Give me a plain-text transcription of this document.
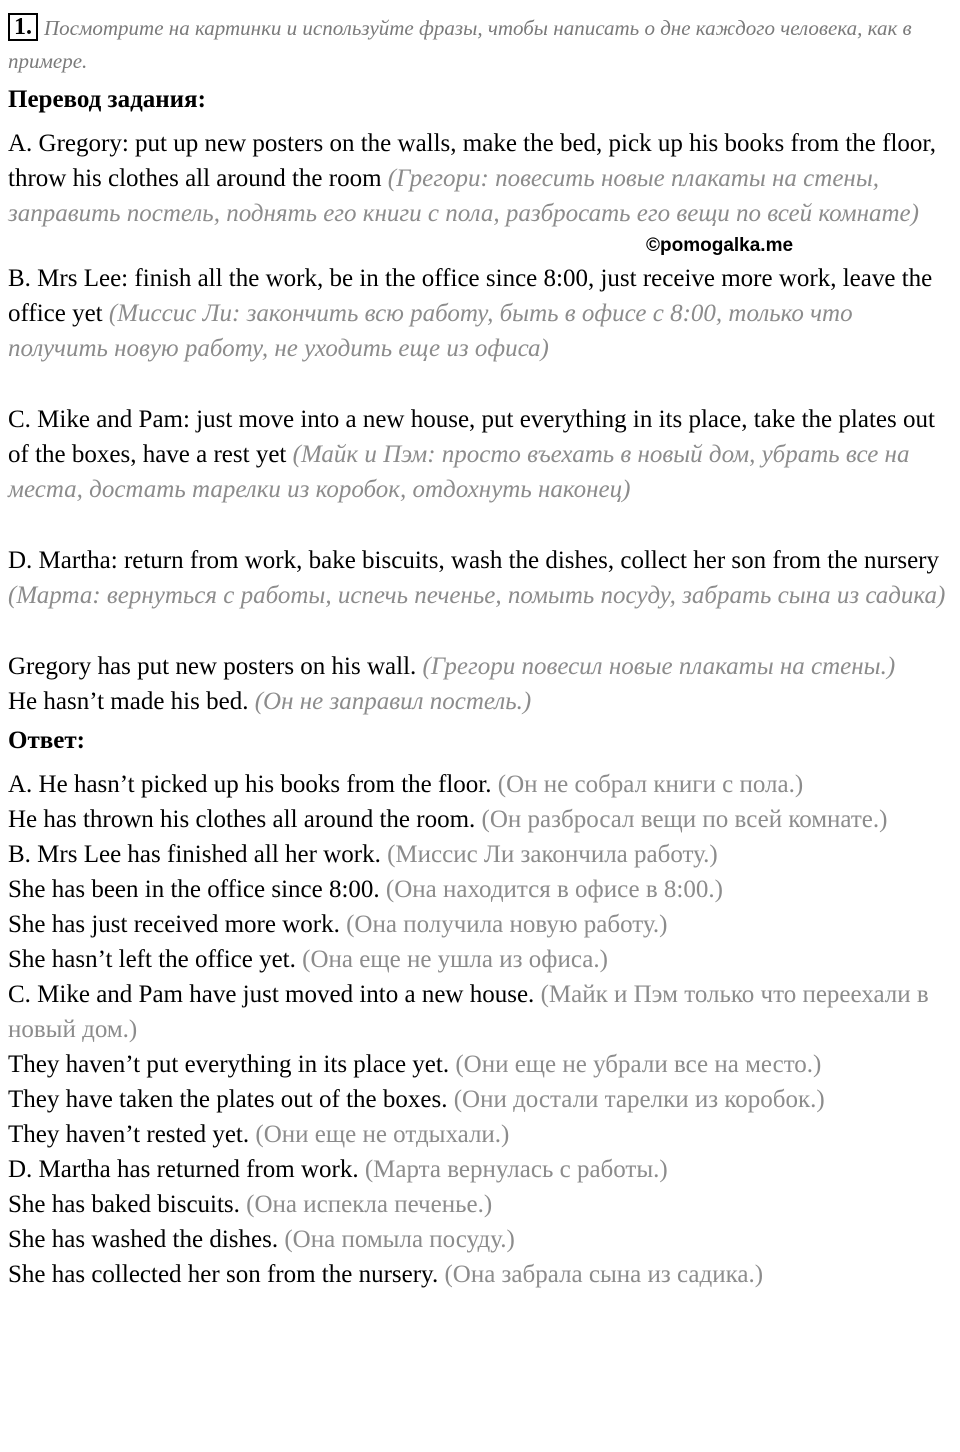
1. Посмотрите на картинки и используйте фразы, чтобы написать о дне каждого человека, как в примере.
Перевод задания:
A. Gregory: put up new posters on the walls, make the bed, pick up his books from the floor, throw his clothes all around the room (Грегори: повесить новые плакаты на стены, заправить постель, поднять его книги с пола, разбросать его вещи по всей комнате)
©pomogalka.me
B. Mrs Lee: finish all the work, be in the office since 8:00, just receive more work, leave the office yet (Миссис Ли: закончить всю работу, быть в офисе с 8:00, только что получить новую работу, не уходить еще из офиса)
C. Mike and Pam: just move into a new house, put everything in its place, take the plates out of the boxes, have a rest yet (Майк и Пэм: просто въехать в новый дом, убрать все на места, достать тарелки из коробок, отдохнуть наконец)
D. Martha: return from work, bake biscuits, wash the dishes, collect her son from the nursery (Марта: вернуться с работы, испечь печенье, помыть посуду, забрать сына из садика)
Gregory has put new posters on his wall. (Грегори повесил новые плакаты на стены.)
He hasn’t made his bed. (Он не заправил постель.)
Ответ:
A. He hasn’t picked up his books from the floor. (Он не собрал книги с пола.)
He has thrown his clothes all around the room. (Он разбросал вещи по всей комнате.)
B. Mrs Lee has finished all her work. (Миссис Ли закончила работу.)
She has been in the office since 8:00. (Она находится в офисе в 8:00.)
She has just received more work. (Она получила новую работу.)
She hasn’t left the office yet. (Она еще не ушла из офиса.)
C. Mike and Pam have just moved into a new house. (Майк и Пэм только что переехали в новый дом.)
They haven’t put everything in its place yet. (Они еще не убрали все на место.)
They have taken the plates out of the boxes. (Они достали тарелки из коробок.)
They haven’t rested yet. (Они еще не отдыхали.)
D. Martha has returned from work. (Марта вернулась с работы.)
She has baked biscuits. (Она испекла печенье.)
She has washed the dishes. (Она помыла посуду.)
She has collected her son from the nursery. (Она забрала сына из садика.)
